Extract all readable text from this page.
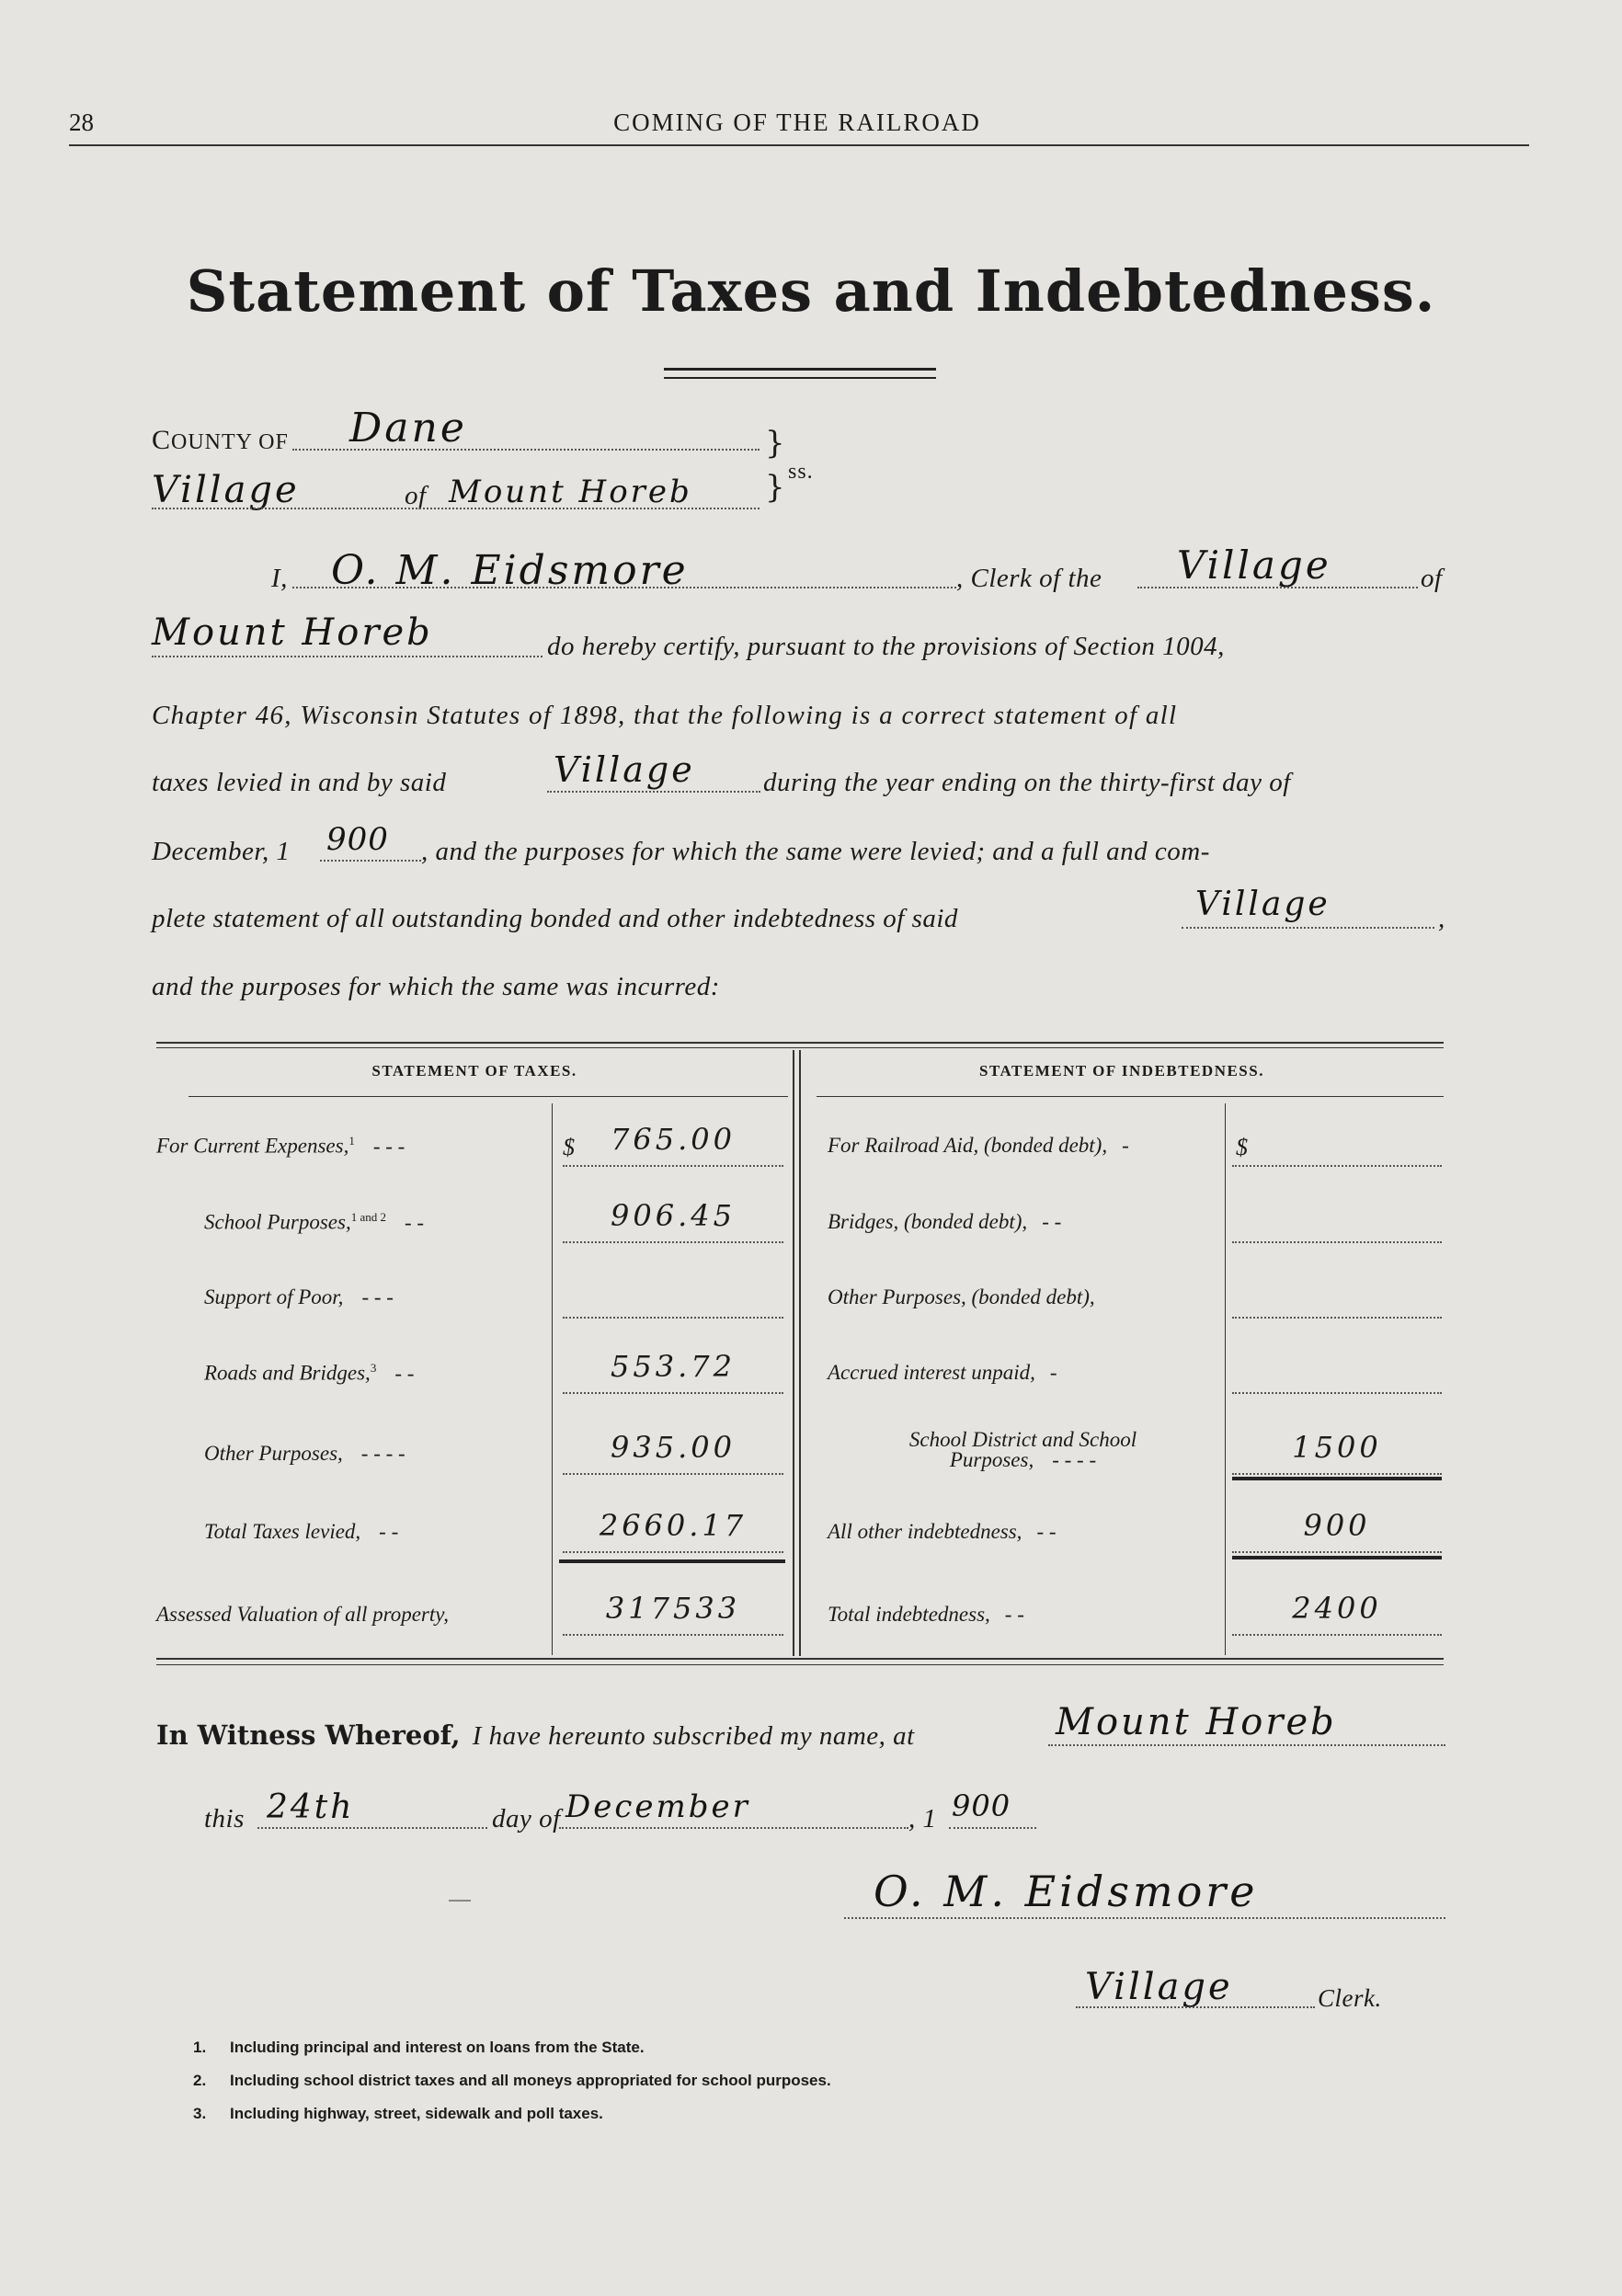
28	COMING OF THE RAILROAD
Statement of Taxes and Indebtedness.
COUNTY OF Dane
Village	of Mount Horeb
}
} ss.
I, O. M. Eidsmore	, Clerk of the Village	of
Mount Horeb	do hereby certify, pursuant to the provisions of Section 1004,
Chapter 46, Wisconsin Statutes of 1898, that the following is a correct statement of all
taxes levied in and by said	Village	during the year ending on the thirty-first day of
December, 1 900 , and the purposes for which the same were levied; and a full and com-
plete statement of all outstanding bonded and other indebtedness of said	Village	,
and the purposes for which the same was incurred:
STATEMENT OF TAXES.	STATEMENT OF INDEBTEDNESS.
For Current Expenses,$^1$ - - -	$	765.00
School Purposes,$^{1 and 2}$ - -	906.45
Support of Poor, - - -
Roads and Bridges,$^3$ - -	553.72
Other Purposes, - - - -	935.00
Total Taxes levied, - -	2660.17
Assessed Valuation of all property,	317533
For Railroad Aid, (bonded debt), -	$
Bridges, (bonded debt), - -
Other Purposes, (bonded debt),
Accrued interest unpaid, -
School District and School
Purposes, - - - -	1500
All other indebtedness, - -	900
Total indebtedness, - -	2400
In Witness Whereof, I have hereunto subscribed my name, at	Mount Horeb
this 24th	day of December	, 1 900
O. M. Eidsmore
Village	Clerk.
1. Including principal and interest on loans from the State.
2. Including school district taxes and all moneys appropriated for school purposes.
3. Including highway, street, sidewalk and poll taxes.
